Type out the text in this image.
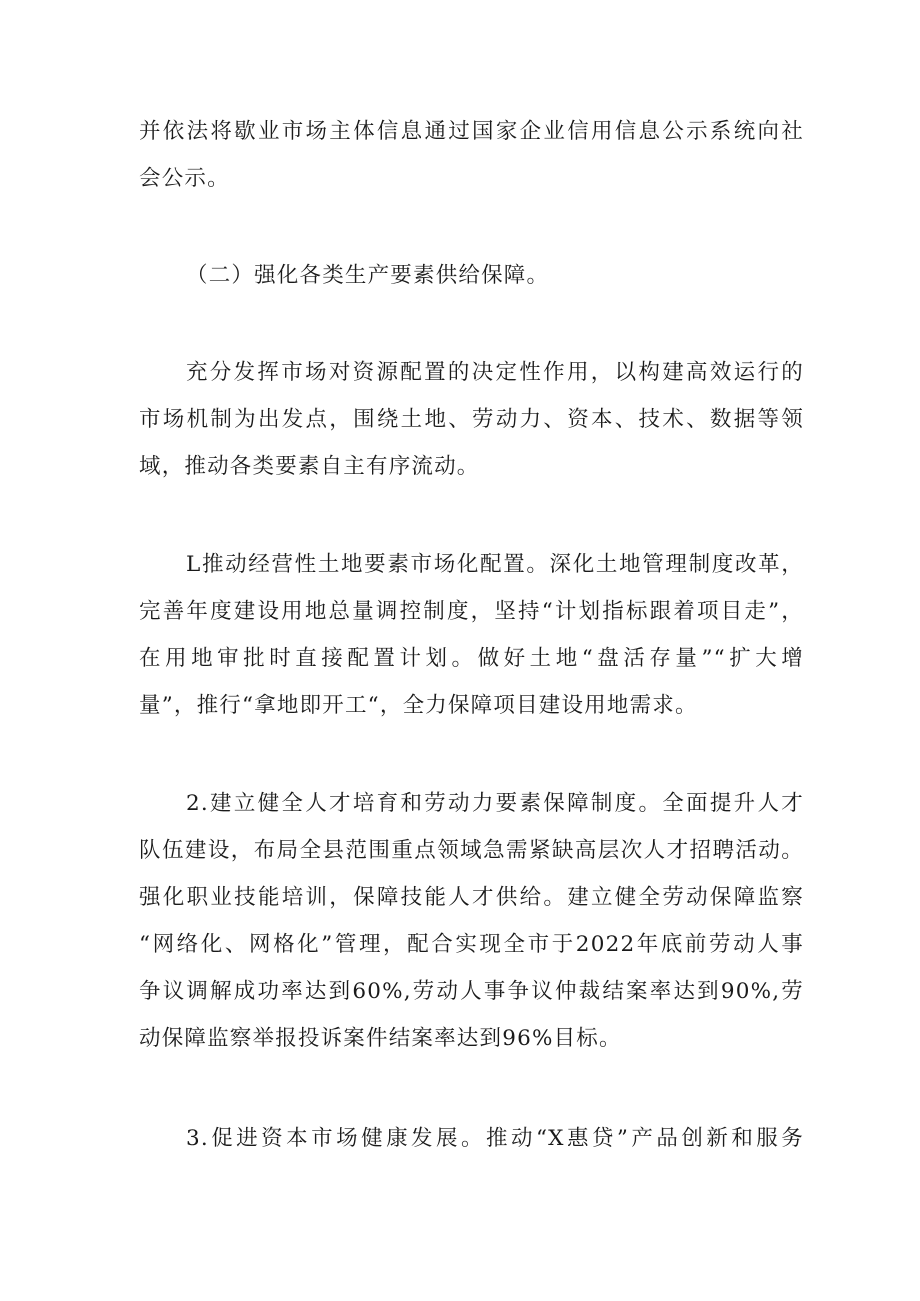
并依法将歇业市场主体信息通过国家企业信用信息公示系统向社
会公示。

（二）强化各类生产要素供给保障。

充分发挥市场对资源配置的决定性作用，以构建高效运行的
市场机制为出发点，围绕土地、劳动力、资本、技术、数据等领
域，推动各类要素自主有序流动。

L推动经营性土地要素市场化配置。深化土地管理制度改革，
完善年度建设用地总量调控制度，坚持“计划指标跟着项目走”，
在用地审批时直接配置计划。做好土地“盘活存量”“扩大增
量”，推行“拿地即开工“，全力保障项目建设用地需求。

2.建立健全人才培育和劳动力要素保障制度。全面提升人才
队伍建设，布局全县范围重点领域急需紧缺高层次人才招聘活动。
强化职业技能培训，保障技能人才供给。建立健全劳动保障监察
“网络化、网格化”管理，配合实现全市于2022年底前劳动人事
争议调解成功率达到60%,劳动人事争议仲裁结案率达到90%,劳
动保障监察举报投诉案件结案率达到96%目标。

3.促进资本市场健康发展。推动“X惠贷”产品创新和服务
